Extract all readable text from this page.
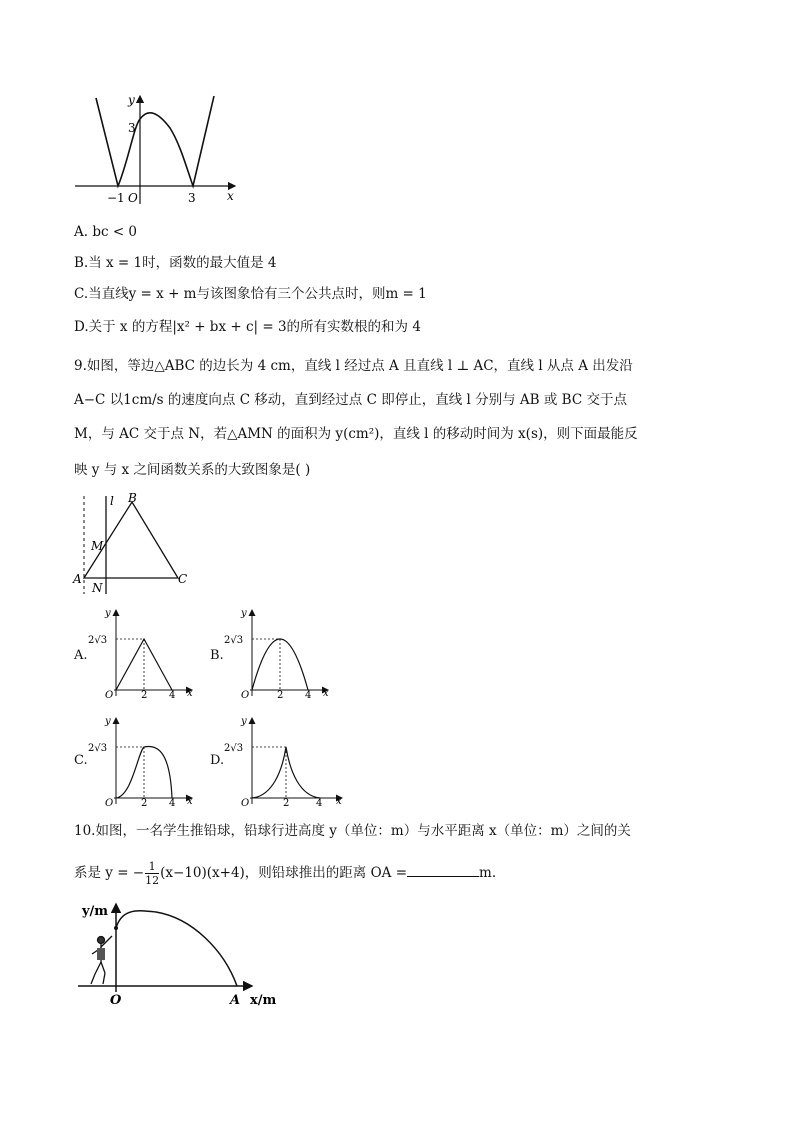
y
3
−1 O	3	x
A. bc < 0
B.当 x = 1时，函数的最大值是 4
C.当直线y = x + m与该图象恰有三个公共点时，则m = 1
D.关于 x 的方程|x² + bx + c| = 3的所有实数根的和为 4
9.如图，等边△ABC 的边长为 4 cm，直线 l 经过点 A 且直线 l ⊥ AC，直线 l 从点 A 出发沿
A−C 以1cm/s 的速度向点 C 移动，直到经过点 C 即停止，直线 l 分别与 AB 或 BC 交于点
M，与 AC 交于点 N，若△AMN 的面积为 y(cm²)，直线 l 的移动时间为 x(s)，则下面最能反
映 y 与 x 之间函数关系的大致图象是( )
l B
M
A
N
C
A.
y
2√3
O	2 4 x
B.
y
2√3
O	2 4 x
C.
y
2√3
O	2 4 x
D.
y
2√3
O	2	4 x
10.如图，一名学生推铅球，铅球行进高度 y（单位：m）与水平距离 x（单位：m）之间的关
系是 y = − $\frac{1}{12} (x-10)(x+4)$，则铅球推出的距离 OA =	m.
y/m
O	A x/m
